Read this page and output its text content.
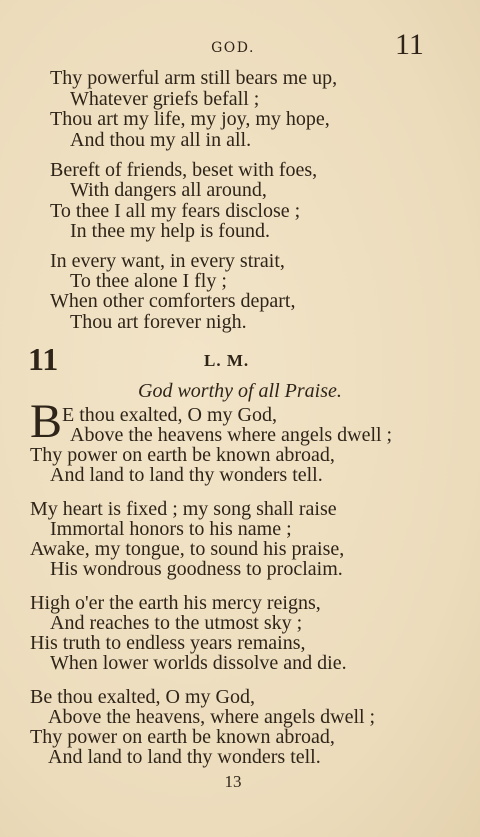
GOD.	11
Thy powerful arm still bears me up,
Whatever griefs befall ;
Thou art my life, my joy, my hope,
And thou my all in all.
Bereft of friends, beset with foes,
With dangers all around,
To thee I all my fears disclose ;
In thee my help is found.
In every want, in every strait,
To thee alone I fly ;
When other comforters depart,
Thou art forever nigh.
11	L. M.
God worthy of all Praise.
B E thou exalted, O my God,
Above the heavens where angels dwell ;
Thy power on earth be known abroad,
And land to land thy wonders tell.
My heart is fixed ; my song shall raise
Immortal honors to his name ;
Awake, my tongue, to sound his praise,
His wondrous goodness to proclaim.
High o'er the earth his mercy reigns,
And reaches to the utmost sky ;
His truth to endless years remains,
When lower worlds dissolve and die.
Be thou exalted, O my God,
Above the heavens, where angels dwell ;
Thy power on earth be known abroad,
And land to land thy wonders tell.
13
